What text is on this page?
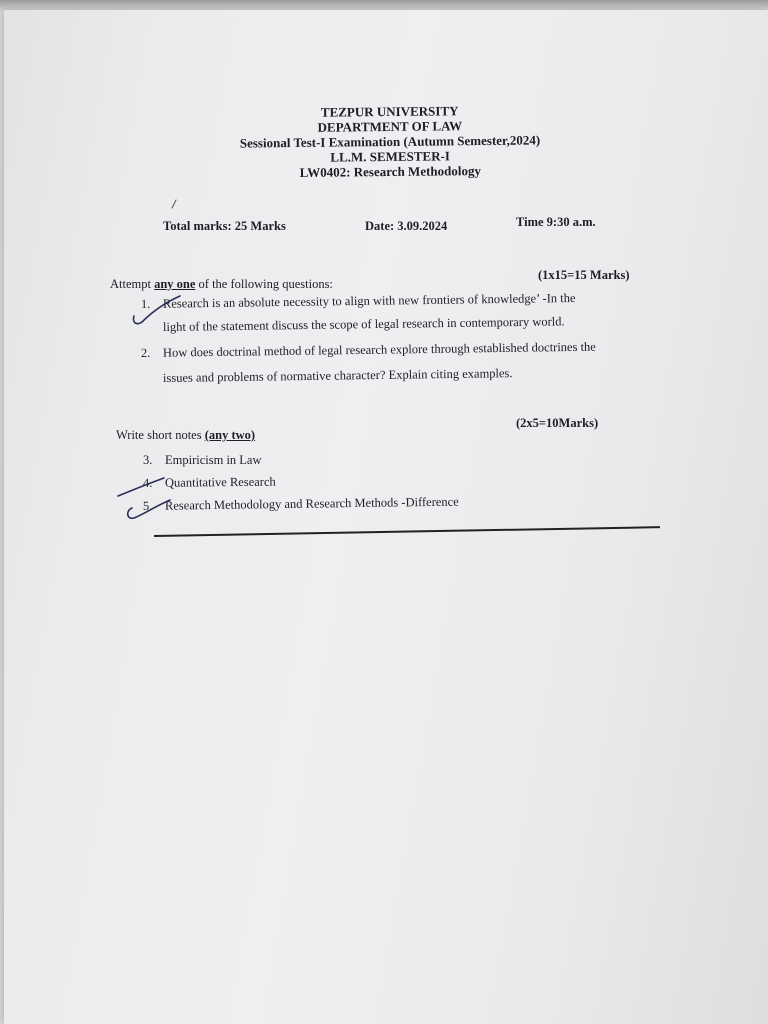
TEZPUR UNIVERSITY
DEPARTMENT OF LAW
Sessional Test-I Examination (Autumn Semester,2024)
LL.M. SEMESTER-I
LW0402: Research Methodology
Total marks: 25 Marks	Date: 3.09.2024	Time 9:30 a.m.
Attempt any one of the following questions:
(1x15=15 Marks)
1. Research is an absolute necessity to align with new frontiers of knowledge’ -In the
light of the statement discuss the scope of legal research in contemporary world.
2. How does doctrinal method of legal research explore through established doctrines the
issues and problems of normative character? Explain citing examples.
Write short notes (any two)
(2x5=10Marks)
3. Empiricism in Law
4. Quantitative Research
5. Research Methodology and Research Methods -Difference
